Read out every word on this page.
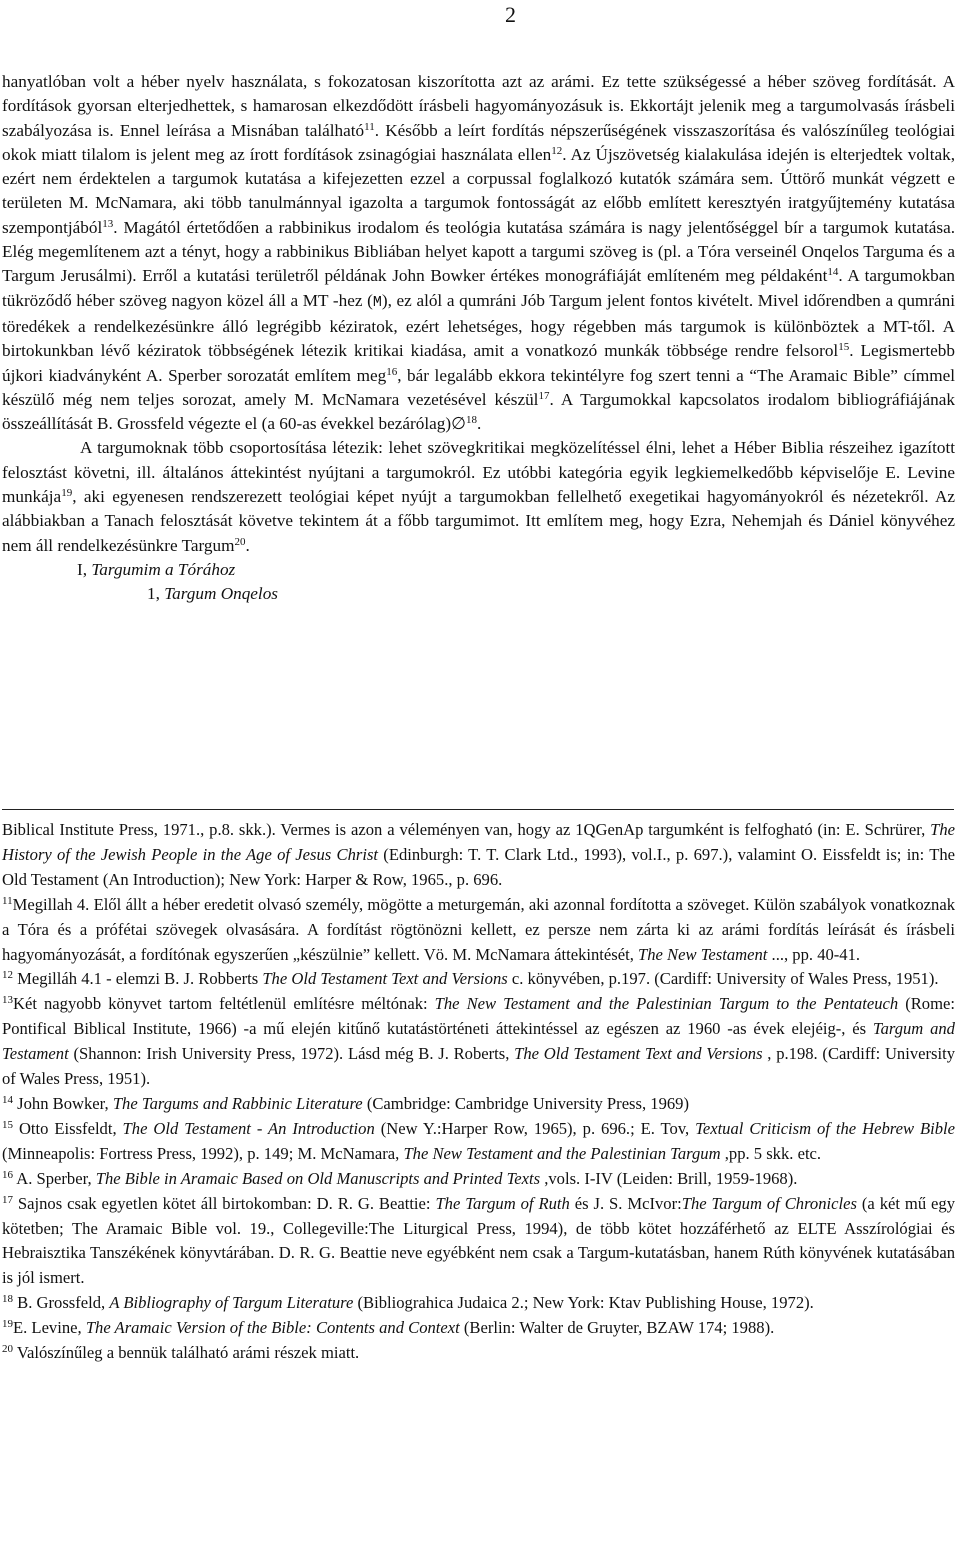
2

hanyatlóban volt a héber nyelv használata, s fokozatosan kiszorította azt az arámi. Ez tette szükségessé a héber szöveg fordítását. A fordítások gyorsan elterjedhettek, s hamarosan elkezdődött írásbeli hagyományozásuk is. Ekkortájt jelenik meg a targumolvasás írásbeli szabályozása is. Ennel leírása a Misnában található$^{11}$. Később a leírt fordítás népszerűségének visszaszorítása és valószínűleg teológiai okok miatt tilalom is jelent meg az írott fordítások zsinagógiai használata ellen$^{12}$. Az Újszövetség kialakulása idején is elterjedtek voltak, ezért nem érdektelen a targumok kutatása a kifejezetten ezzel a corpussal foglalkozó kutatók számára sem. Úttörő munkát végzett e területen M. McNamara, aki több tanulmánnyal igazolta a targumok fontosságát az előbb említett keresztyén iratgyűjtemény kutatása szempontjából$^{13}$. Magától értetődően a rabbinikus irodalom és teológia kutatása számára is nagy jelentőséggel bír a targumok kutatása. Elég megemlítenem azt a tényt, hogy a rabbinikus Bibliában helyet kapott a targumi szöveg is (pl. a Tóra verseinél Onqelos Targuma és a Targum Jerusálmi). Erről a kutatási területről példának John Bowker értékes monográfiáját említeném meg példaként$^{14}$. A targumokban tükröződő héber szöveg nagyon közel áll a MT -hez (M), ez alól a qumráni Jób Targum jelent fontos kivételt. Mivel időrendben a qumráni töredékek a rendelkezésünkre álló legrégibb kéziratok, ezért lehetséges, hogy régebben más targumok is különböztek a MT-től. A birtokunkban lévő kéziratok többségének létezik kritikai kiadása, amit a vonatkozó munkák többsége rendre felsorol$^{15}$. Legismertebb újkori kiadványként A. Sperber sorozatát említem meg$^{16}$, bár legalább ekkora tekintélyre fog szert tenni a “The Aramaic Bible” címmel készülő még nem teljes sorozat, amely M. McNamara vezetésével készül$^{17}$. A Targumokkal kapcsolatos irodalom bibliográfiájának összeállítását B. Grossfeld végezte el (a 60-as évekkel bezárólag)∅$^{18}$.

A targumoknak több csoportosítása létezik: lehet szövegkritikai megközelítéssel élni, lehet a Héber Biblia részeihez igazított felosztást követni, ill. általános áttekintést nyújtani a targumokról. Ez utóbbi kategória egyik legkiemelkedőbb képviselője E. Levine munkája$^{19}$, aki egyenesen rendszerezett teológiai képet nyújt a targumokban fellelhető exegetikai hagyományokról és nézetekről. Az alábbiakban a Tanach felosztását követve tekintem át a főbb targumimot. Itt említem meg, hogy Ezra, Nehemjah és Dániel könyvéhez nem áll rendelkezésünkre Targum$^{20}$.

I, Targumim a Tórához

1, Targum Onqelos

Biblical Institute Press, 1971., p.8. skk.). Vermes is azon a véleményen van, hogy az 1QGenAp targumként is felfogható (in: E. Schrürer, The History of the Jewish People in the Age of Jesus Christ (Edinburgh: T. T. Clark Ltd., 1993), vol.I., p. 697.), valamint O. Eissfeldt is; in: The Old Testament (An Introduction); New York: Harper & Row, 1965., p. 696.

$^{11}$Megillah 4. Elől állt a héber eredetit olvasó személy, mögötte a meturgemán, aki azonnal fordította a szöveget. Külön szabályok vonatkoznak a Tóra és a prófétai szövegek olvasására. A fordítást rögtönözni kellett, ez persze nem zárta ki az arámi fordítás leírását és írásbeli hagyományozását, a fordítónak egyszerűen „készülnie” kellett. Vö. M. McNamara áttekintését, The New Testament ..., pp. 40-41.

$^{12}$ Megilláh 4.1 - elemzi B. J. Robberts The Old Testament Text and Versions c. könyvében, p.197. (Cardiff: University of Wales Press, 1951).

$^{13}$Két nagyobb könyvet tartom feltétlenül említésre méltónak: The New Testament and the Palestinian Targum to the Pentateuch (Rome: Pontifical Biblical Institute, 1966) -a mű elején kitűnő kutatástörténeti áttekintéssel az egészen az 1960 -as évek elejéig-, és Targum and Testament (Shannon: Irish University Press, 1972). Lásd még B. J. Roberts, The Old Testament Text and Versions , p.198. (Cardiff: University of Wales Press, 1951).

$^{14}$ John Bowker, The Targums and Rabbinic Literature (Cambridge: Cambridge University Press, 1969)

$^{15}$ Otto Eissfeldt, The Old Testament - An Introduction (New Y.:Harper Row, 1965), p. 696.; E. Tov, Textual Criticism of the Hebrew Bible (Minneapolis: Fortress Press, 1992), p. 149; M. McNamara, The New Testament and the Palestinian Targum ,pp. 5 skk. etc.

$^{16}$ A. Sperber, The Bible in Aramaic Based on Old Manuscripts and Printed Texts ,vols. I-IV (Leiden: Brill, 1959-1968).

$^{17}$ Sajnos csak egyetlen kötet áll birtokomban: D. R. G. Beattie: The Targum of Ruth és J. S. McIvor:The Targum of Chronicles (a két mű egy kötetben; The Aramaic Bible vol. 19., Collegeville:The Liturgical Press, 1994), de több kötet hozzáférhető az ELTE Asszírológiai és Hebraisztika Tanszékének könyvtárában. D. R. G. Beattie neve egyébként nem csak a Targum-kutatásban, hanem Rúth könyvének kutatásában is jól ismert.

$^{18}$ B. Grossfeld, A Bibliography of Targum Literature (Bibliograhica Judaica 2.; New York: Ktav Publishing House, 1972).

$^{19}$E. Levine, The Aramaic Version of the Bible: Contents and Context (Berlin: Walter de Gruyter, BZAW 174; 1988).

$^{20}$ Valószínűleg a bennük található arámi részek miatt.
